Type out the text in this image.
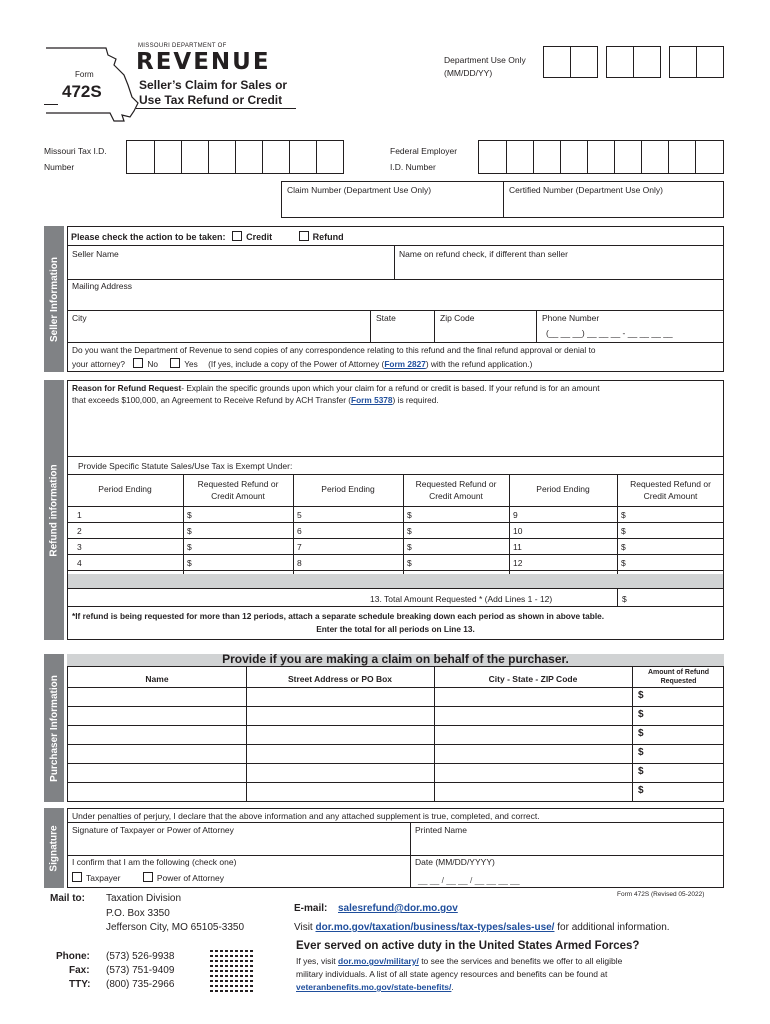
Form
472S
MISSOURI DEPARTMENT OF
REVENUE
Seller’s Claim for Sales or
Use Tax Refund or Credit
Department Use Only
(MM/DD/YY)
Missouri Tax I.D.
Number
Federal Employer
I.D. Number
Claim Number (Department Use Only)	Certified Number (Department Use Only)
Seller Information
Please check the action to be taken: Credit	Refund
Seller Name	Name on refund check, if different than seller
Mailing Address
City	State	Zip Code	Phone Number
(__ __ __) __ __ __ - __ __ __ __
Do you want the Department of Revenue to send copies of any correspondence relating to this refund and the final refund approval or denial to
your attorney?	No	Yes (If yes, include a copy of the Power of Attorney (Form 2827) with the refund application.)
Refund information
Reason for Refund Request- Explain the specific grounds upon which your claim for a refund or credit is based. If your refund is for an amount
that exceeds $100,000, an Agreement to Receive Refund by ACH Transfer (Form 5378) is required.
Provide Specific Statute Sales/Use Tax is Exempt Under:
Period Ending	Requested Refund or
Credit Amount
Period Ending	Requested Refund or
Credit Amount
Period Ending	Requested Refund or
Credit Amount
1	$	5	$	9	$
2	$	6	$	10	$
3	$	7	$	11	$
4	$	8	$	12	$
13. Total Amount Requested * (Add Lines 1 - 12)	$
*If refund is being requested for more than 12 periods, attach a separate schedule breaking down each period as shown in above table.
Enter the total for all periods on Line 13.
Purchaser Information
Provide if you are making a claim on behalf of the purchaser.
Name	Street Address or PO Box	City - State - ZIP Code
Amount of Refund
Requested
$
$
$
$
$
$
Signature
Under penalties of perjury, I declare that the above information and any attached supplement is true, completed, and correct.
Signature of Taxpayer or Power of Attorney	Printed Name
I confirm that I am the following (check one)
Taxpayer	Power of Attorney
Date (MM/DD/YYYY)
__ __ / __ __ / __ __ __ __
Form 472S (Revised 05-2022)
Mail to: Taxation Division
P.O. Box 3350
Jefferson City, MO 65105-3350
E-mail: salesrefund@dor.mo.gov
Visit dor.mo.gov/taxation/business/tax-types/sales-use/ for additional information.
Ever served on active duty in the United States Armed Forces?
If yes, visit dor.mo.gov/military/ to see the services and benefits we offer to all eligible
military individuals. A list of all state agency resources and benefits can be found at
veteranbenefits.mo.gov/state-benefits/.
Phone: (573) 526-9938
Fax: (573) 751-9409
TTY: (800) 735-2966
